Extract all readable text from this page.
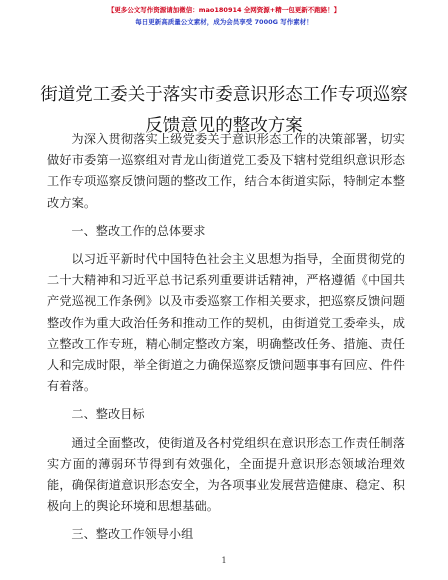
【更多公文写作资源请加微信：mao180914 全网资源+精一包更新不跑路！】
每日更新高质量公文素材，成为会员享受 7000G 写作素材！
街道党工委关于落实市委意识形态工作专项巡察反馈意见的整改方案

为深入贯彻落实上级党委关于意识形态工作的决策部署，切实做好市委第一巡察组对青龙山街道党工委及下辖村党组织意识形态工作专项巡察反馈问题的整改工作，结合本街道实际，特制定本整改方案。

一、整改工作的总体要求

以习近平新时代中国特色社会主义思想为指导，全面贯彻党的二十大精神和习近平总书记系列重要讲话精神，严格遵循《中国共产党巡视工作条例》以及市委巡察工作相关要求，把巡察反馈问题整改作为重大政治任务和推动工作的契机，由街道党工委牵头，成立整改工作专班，精心制定整改方案，明确整改任务、措施、责任人和完成时限，举全街道之力确保巡察反馈问题事事有回应、件件有着落。

二、整改目标

通过全面整改，使街道及各村党组织在意识形态工作责任制落实方面的薄弱环节得到有效强化，全面提升意识形态领域治理效能，确保街道意识形态安全，为各项事业发展营造健康、稳定、积极向上的舆论环境和思想基础。

三、整改工作领导小组

1
